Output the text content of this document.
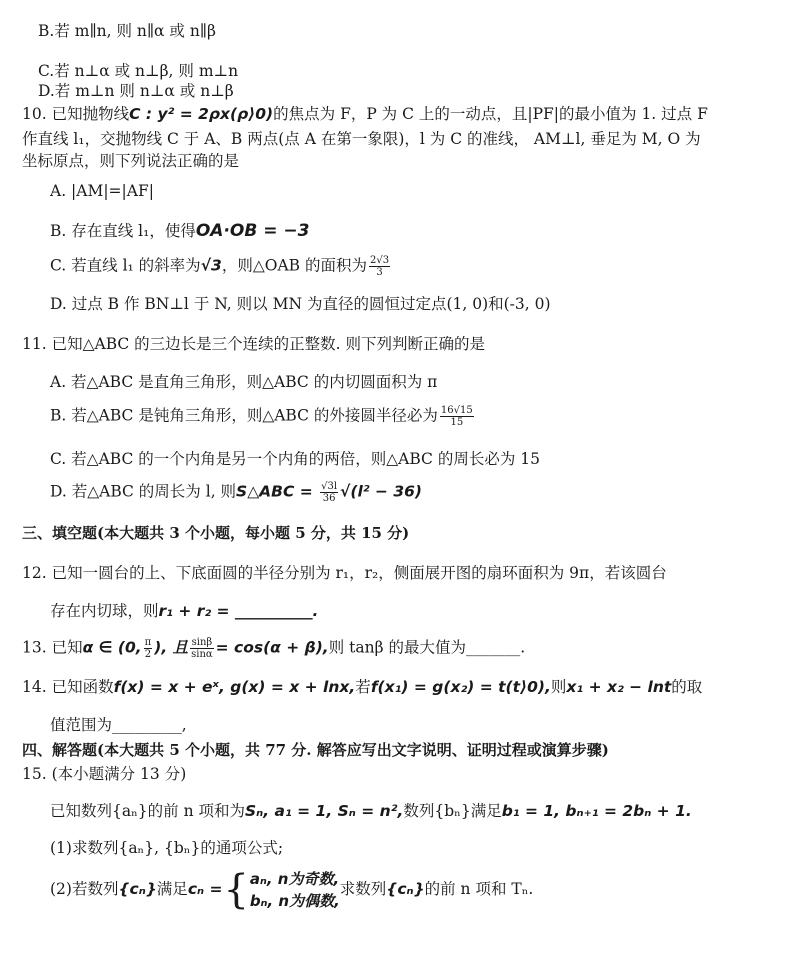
B.若 m∥n, 则 n∥α 或 n∥β
C.若 n⊥α 或 n⊥β, 则 m⊥n
D.若 m⊥n 则 n⊥α 或 n⊥β
10. 已知抛物线C : y² = 2ρx(ρ⟩0)的焦点为 F，P 为 C 上的一动点，且|PF|的最小值为 1. 过点 F
作直线 l₁，交抛物线 C 于 A、B 两点(点 A 在第一象限)，l 为 C 的准线， AM⊥l, 垂足为 M, O 为
坐标原点，则下列说法正确的是
A. |AM|=|AF|
B. 存在直线 l₁，使得OA·OB = −3
C. 若直线 l₁ 的斜率为√3，则△OAB 的面积为 $\frac{2√3}{3}$
D. 过点 B 作 BN⊥l 于 N, 则以 MN 为直径的圆恒过定点(1, 0)和(-3, 0)
11. 已知△ABC 的三边长是三个连续的正整数. 则下列判断正确的是
A. 若△ABC 是直角三角形，则△ABC 的内切圆面积为 π
B. 若△ABC 是钝角三角形，则△ABC 的外接圆半径必为 $\frac{16√15}{15}$
C. 若△ABC 的一个内角是另一个内角的两倍，则△ABC 的周长必为 15
D. 若△ABC 的周长为 l, 则S△ABC = $\frac{√3l}{36} √(l^2 - 36)$
三、填空题(本大题共 3 个小题，每小题 5 分，共 15 分)
12. 已知一圆台的上、下底面圆的半径分别为 r₁，r₂，侧面展开图的扇环面积为 9π，若该圆台
存在内切球，则r₁ + r₂ = __________.
13. 已知α ∈ (0, $\frac{\pi}{2}$ ), 且 $\frac{\sin\beta}{\sin\alpha} = \cos(\alpha + \beta)$,则 tanβ 的最大值为_______.
14. 已知函数f(x) = x + eˣ, g(x) = x + lnx,若f(x₁) = g(x₂) = t(t⟩0),则x₁ + x₂ − lnt的取
值范围为_________,
四、解答题(本大题共 5 个小题，共 77 分. 解答应写出文字说明、证明过程或演算步骤)
15. (本小题满分 13 分)
已知数列{aₙ}的前 n 项和为Sₙ, a₁ = 1, Sₙ = n²,数列{bₙ}满足b₁ = 1, bₙ₊₁ = 2bₙ + 1.
(1)求数列{aₙ}, {bₙ}的通项公式;
(2)若数列{cₙ}满足cₙ ={ aₙ, n为奇数,
bₙ, n为偶数,
求数列{cₙ}的前 n 项和 Tₙ.
